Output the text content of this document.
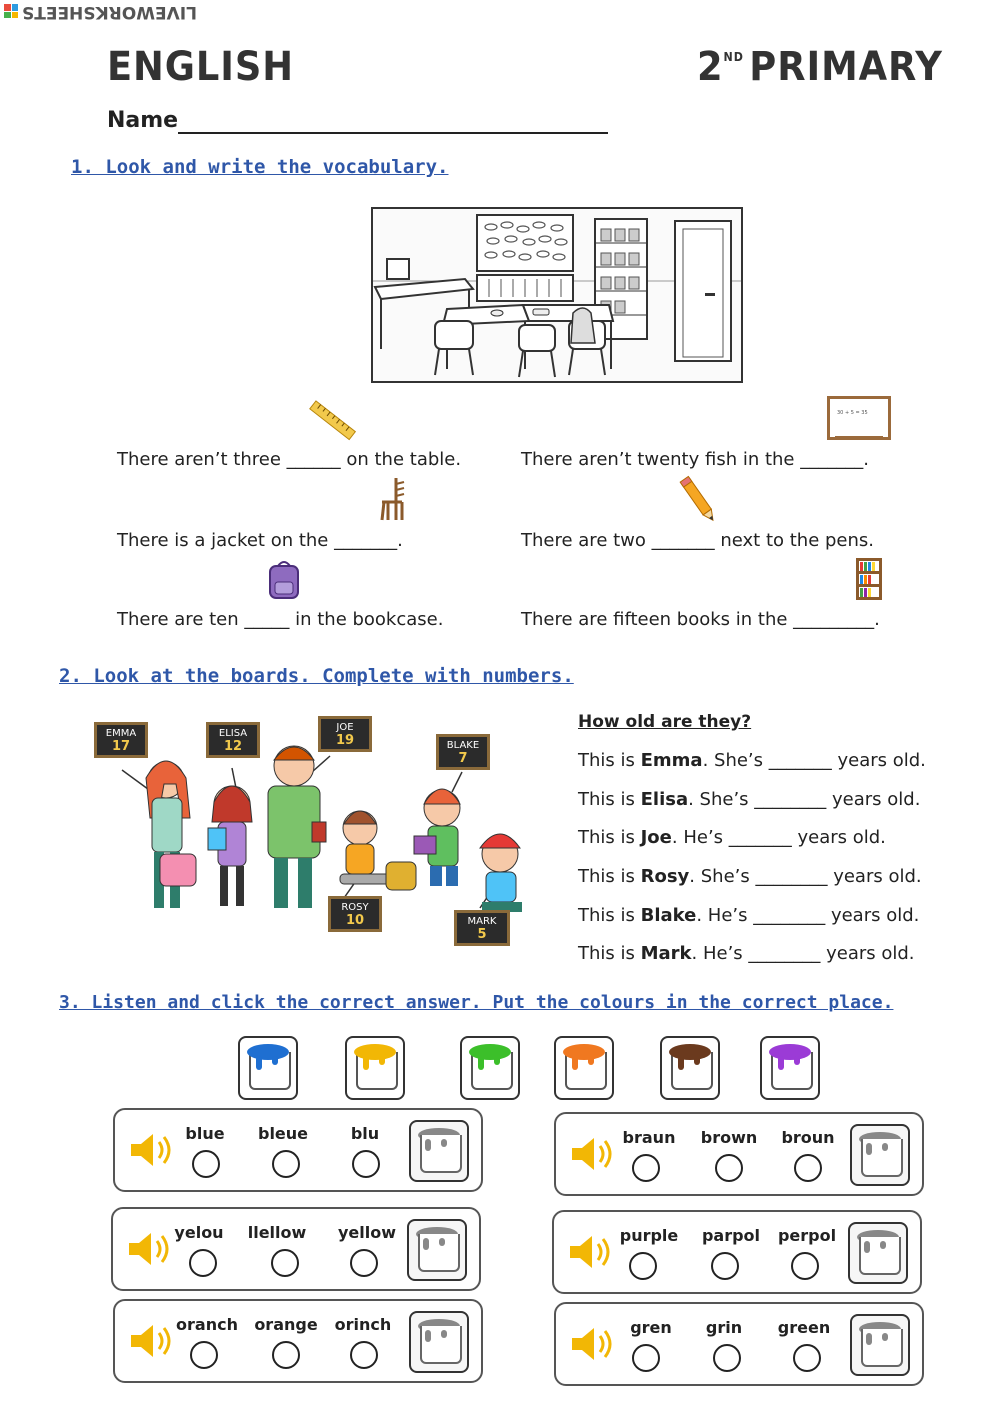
LIVEWORKSHEETS
ENGLISH	2ND PRIMARY
Name
1. Look and write the vocabulary.
30 + 5 = 35
There aren’t three ______ on the table.	There aren’t twenty fish in the _______.
There is a jacket on the _______.	There are two _______ next to the pens.
There are ten _____ in the bookcase.	There are fifteen books in the _________.
2. Look at the boards. Complete with numbers.
EMMA
17
ELISA
12
JOE
19	BLAKE
7
ROSY
10	MARK
5
How old are they?
This is Emma. She’s _______ years old.
This is Elisa. She’s ________ years old.
This is Joe. He’s _______ years old.
This is Rosy. She’s ________ years old.
This is Blake. He’s ________ years old.
This is Mark. He’s ________ years old.
3. Listen and click the correct answer. Put the colours in the correct place.
blue	bleue	blu	braun	brown	broun
yelou	llellow	yellow	purple	parpol	perpol
oranch orange	orinch	gren	grin	green
